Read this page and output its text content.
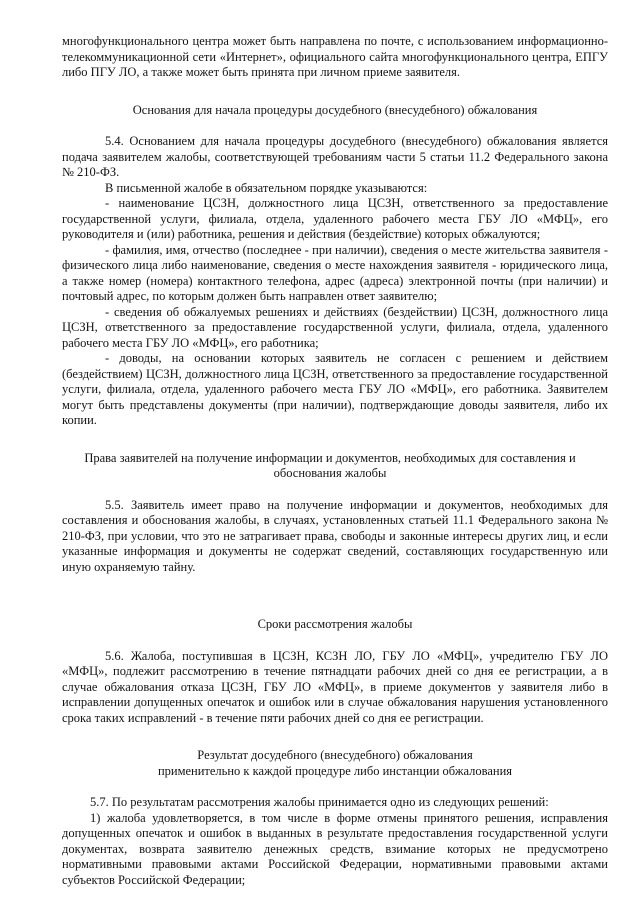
многофункционального центра может быть направлена по почте, с использованием информационно-телекоммуникационной сети «Интернет», официального сайта многофункционального центра, ЕПГУ либо ПГУ ЛО, а также может быть принята при личном приеме заявителя.

Основания для начала процедуры досудебного (внесудебного) обжалования

5.4. Основанием для начала процедуры досудебного (внесудебного) обжалования является подача заявителем жалобы, соответствующей требованиям части 5 статьи 11.2 Федерального закона № 210-ФЗ.

В письменной жалобе в обязательном порядке указываются:

- наименование ЦСЗН, должностного лица ЦСЗН, ответственного за предоставление государственной услуги, филиала, отдела, удаленного рабочего места ГБУ ЛО «МФЦ», его руководителя и (или) работника, решения и действия (бездействие) которых обжалуются;

- фамилия, имя, отчество (последнее - при наличии), сведения о месте жительства заявителя - физического лица либо наименование, сведения о месте нахождения заявителя - юридического лица, а также номер (номера) контактного телефона, адрес (адреса) электронной почты (при наличии) и почтовый адрес, по которым должен быть направлен ответ заявителю;

- сведения об обжалуемых решениях и действиях (бездействии) ЦСЗН, должностного лица ЦСЗН, ответственного за предоставление государственной услуги, филиала, отдела, удаленного рабочего места ГБУ ЛО «МФЦ», его работника;

- доводы, на основании которых заявитель не согласен с решением и действием (бездействием) ЦСЗН, должностного лица ЦСЗН, ответственного за предоставление государственной услуги, филиала, отдела, удаленного рабочего места ГБУ ЛО «МФЦ», его работника. Заявителем могут быть представлены документы (при наличии), подтверждающие доводы заявителя, либо их копии.

Права заявителей на получение информации и документов, необходимых для составления и
обоснования жалобы

5.5. Заявитель имеет право на получение информации и документов, необходимых для составления и обоснования жалобы, в случаях, установленных статьей 11.1 Федерального закона № 210-ФЗ, при условии, что это не затрагивает права, свободы и законные интересы других лиц, и если указанные информация и документы не содержат сведений, составляющих государственную или иную охраняемую тайну.

Сроки рассмотрения жалобы

5.6. Жалоба, поступившая в ЦСЗН, КСЗН ЛО, ГБУ ЛО «МФЦ», учредителю ГБУ ЛО «МФЦ», подлежит рассмотрению в течение пятнадцати рабочих дней со дня ее регистрации, а в случае обжалования отказа ЦСЗН, ГБУ ЛО «МФЦ», в приеме документов у заявителя либо в исправлении допущенных опечаток и ошибок или в случае обжалования нарушения установленного срока таких исправлений - в течение пяти рабочих дней со дня ее регистрации.

Результат досудебного (внесудебного) обжалования
применительно к каждой процедуре либо инстанции обжалования

5.7. По результатам рассмотрения жалобы принимается одно из следующих решений:

1) жалоба удовлетворяется, в том числе в форме отмены принятого решения, исправления допущенных опечаток и ошибок в выданных в результате предоставления государственной услуги документах, возврата заявителю денежных средств, взимание которых не предусмотрено нормативными правовыми актами Российской Федерации, нормативными правовыми актами субъектов Российской Федерации;
